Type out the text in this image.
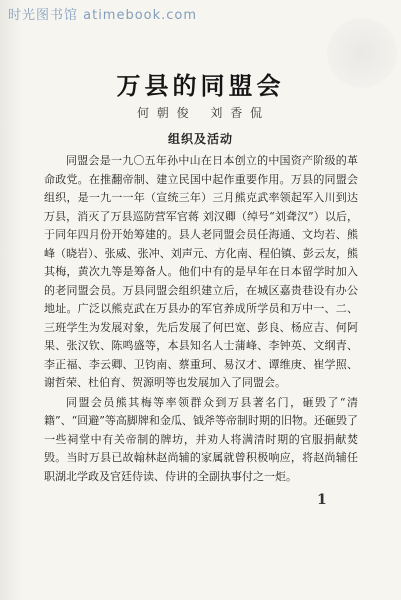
时光图书馆 atimebook.com
万县的同盟会
何 朝 俊　 刘 香 侃
组织及活动

同盟会是一九〇五年孙中山在日本创立的中国资产阶级的革命政党。在推翻帝制、建立民国中起作重要作用。万县的同盟会组织，是一九一一年（宣统三年）三月熊克武率领起军入川到达万县，消灭了万县巡防营军官蒋 刘汉卿（绰号“刘聋汉”）以后，于同年四月份开始筹建的。县人老同盟会员任海通、文均若、熊峰（晓岩）、张威、张冲、刘声元、方化南、程伯镇、彭云友，熊其梅，黄次九等是筹备人。他们中有的是早年在日本留学时加入的老同盟会员。万县同盟会组织建立后，在城区嘉贵巷设有办公地址。广泛以熊克武在万县办的军官养成所学员和万中一、二、三班学生为发展对象，先后发展了何巴宽、彭良、杨应吉、何阿果、张汉钦、陈鸣盛等，本县知名人士蒲峰、李钟英、文纲青、李正福、李云卿、卫钧南、蔡重珂、易汉才、谭维庚、崔学照、谢哲荣、杜伯育、贺源明等也发展加入了同盟会。

同盟会员熊其梅等率领群众到万县著名门，砸毁了“清籍”、“回避”等高脚牌和金瓜、钺斧等帝制时期的旧物。还砸毁了一些祠堂中有关帝制的牌坊，并劝人将满清时期的官服捐献焚毁。当时万县已故翰林赵尚辅的家属就曾积极响应，将赵尚辅任职湖北学政及官廷侍读、侍讲的全副执事付之一炬。

1
